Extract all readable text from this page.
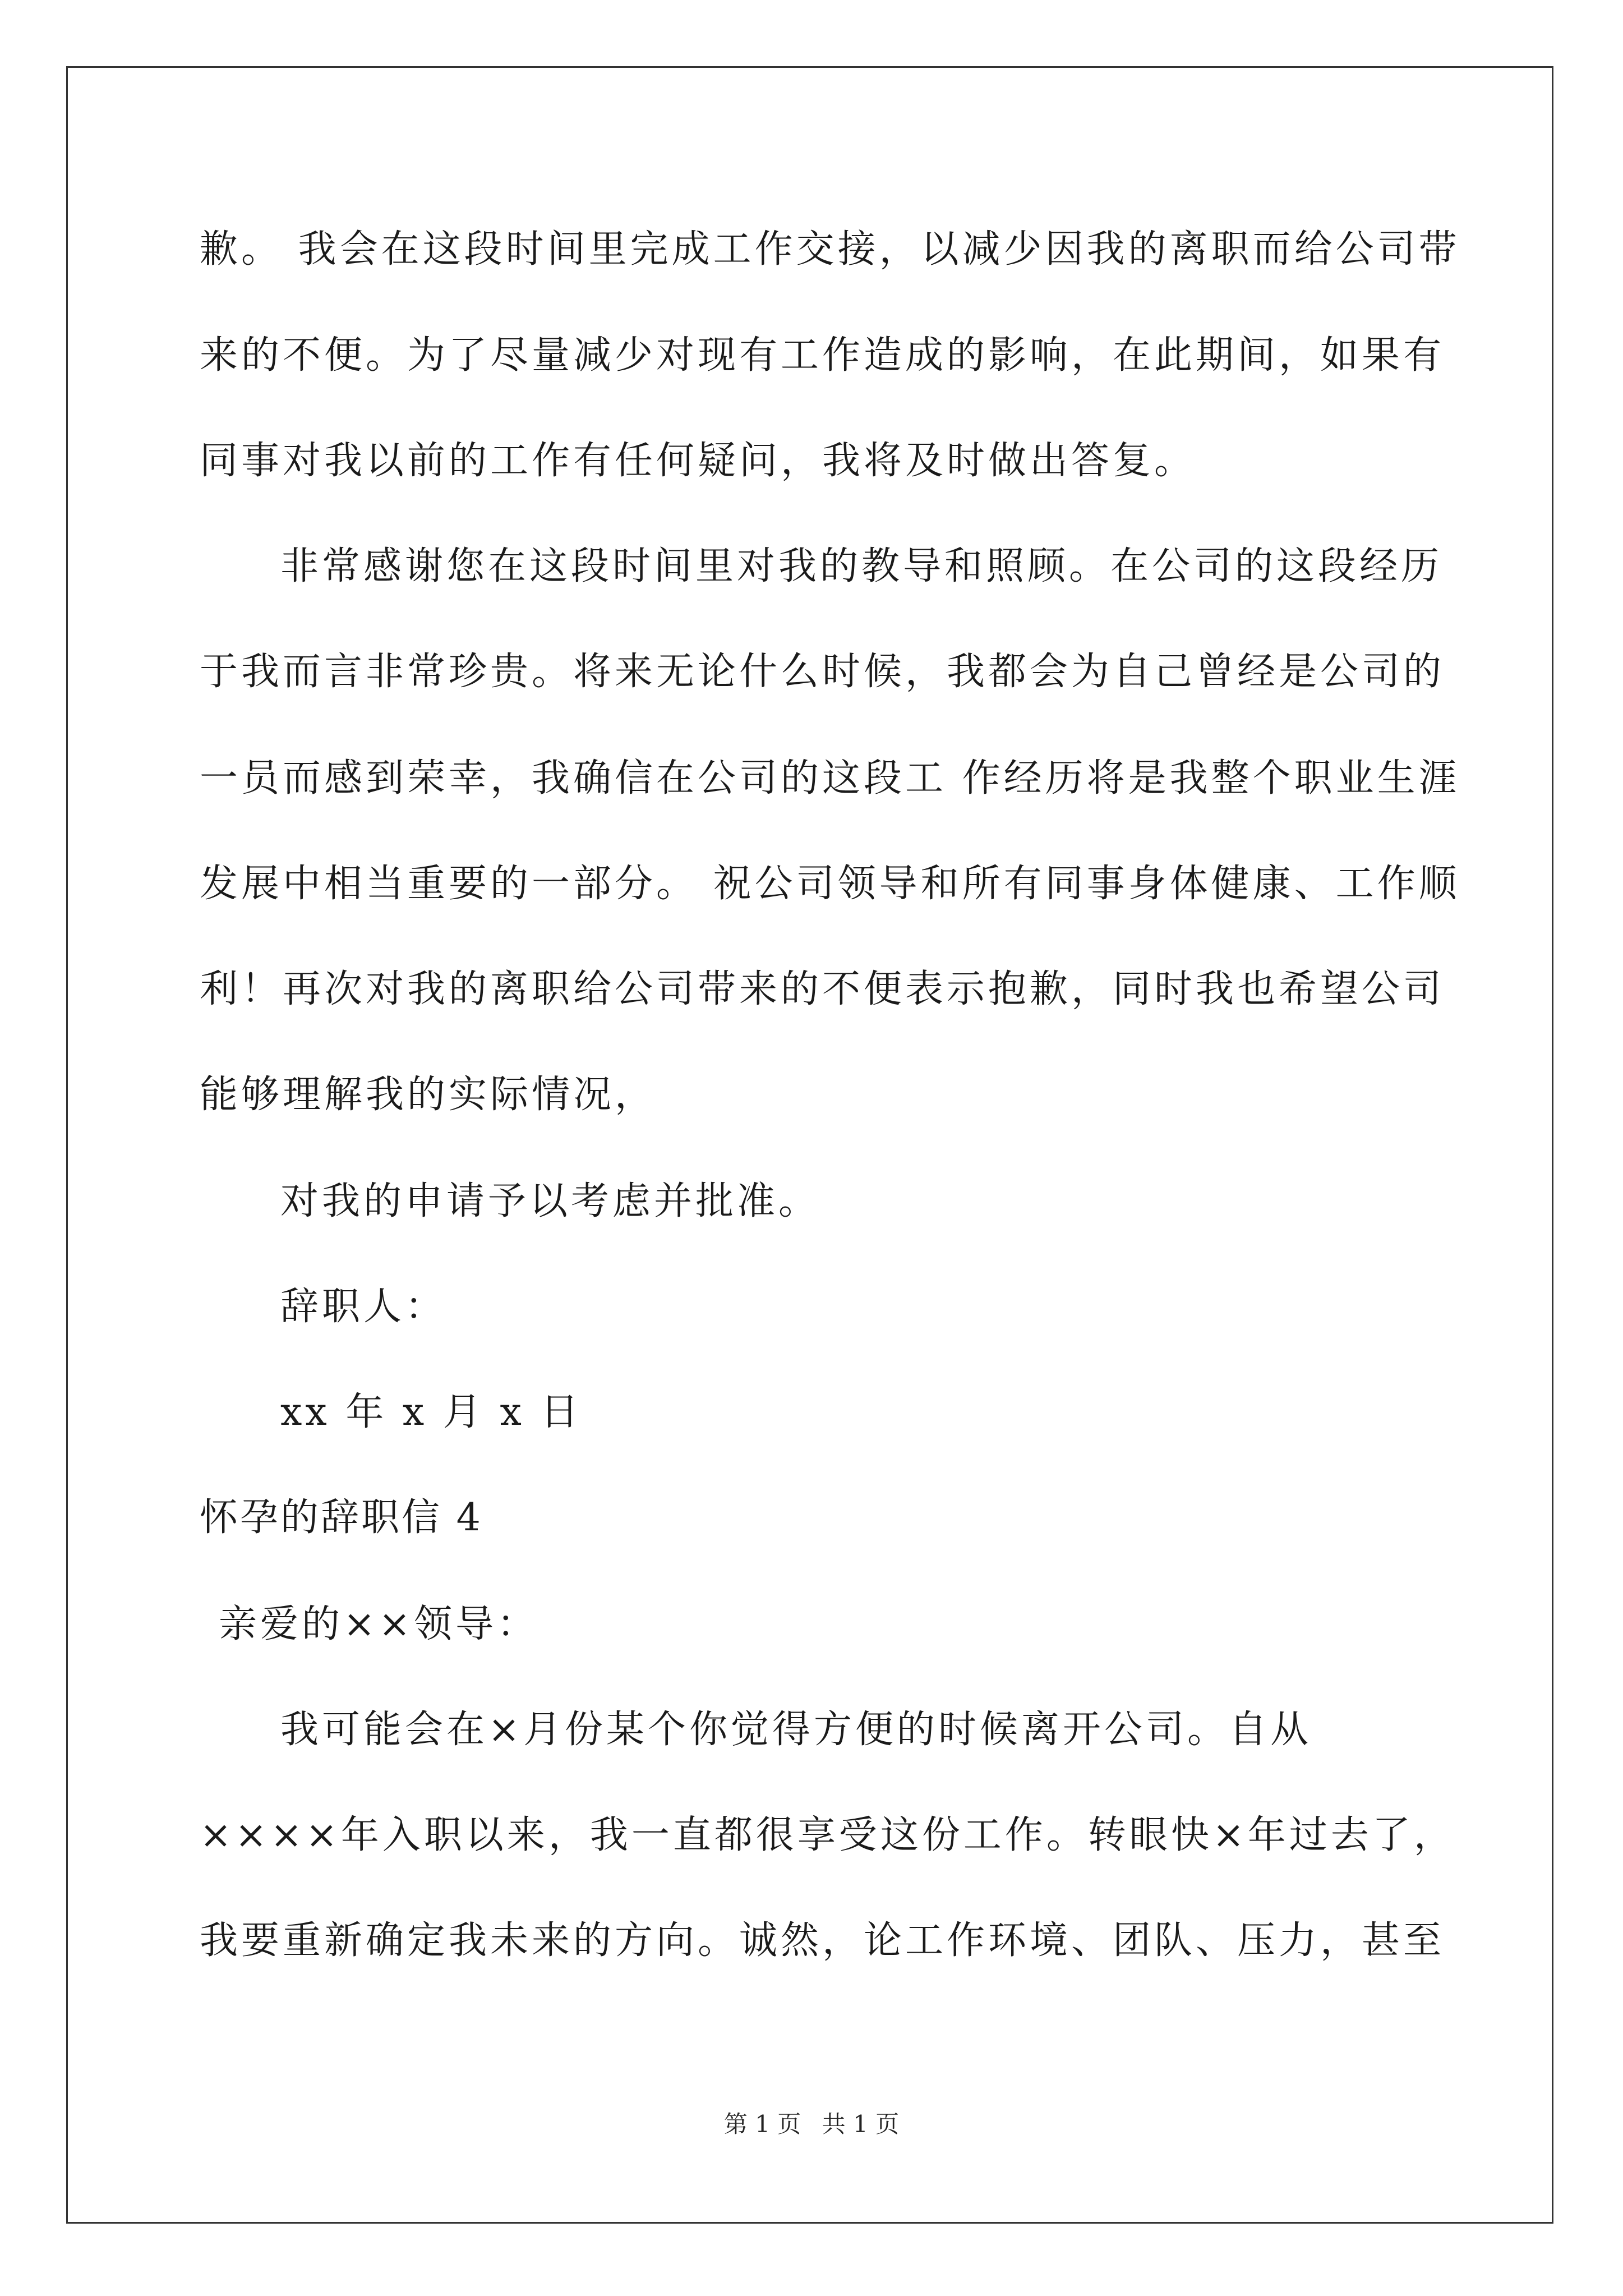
歉。 我会在这段时间里完成工作交接，以减少因我的离职而给公司带
来的不便。为了尽量减少对现有工作造成的影响，在此期间，如果有
同事对我以前的工作有任何疑问，我将及时做出答复。
非常感谢您在这段时间里对我的教导和照顾。在公司的这段经历
于我而言非常珍贵。将来无论什么时候，我都会为自己曾经是公司的
一员而感到荣幸，我确信在公司的这段工 作经历将是我整个职业生涯
发展中相当重要的一部分。 祝公司领导和所有同事身体健康、工作顺
利！再次对我的离职给公司带来的不便表示抱歉，同时我也希望公司
能够理解我的实际情况，
对我的申请予以考虑并批准。
辞职人：
xx 年 x 月 x 日
怀孕的辞职信 4
亲爱的××领导：
我可能会在×月份某个你觉得方便的时候离开公司。自从
××××年入职以来，我一直都很享受这份工作。转眼快×年过去了，
我要重新确定我未来的方向。诚然，论工作环境、团队、压力，甚至
第 1 页 共 1 页
